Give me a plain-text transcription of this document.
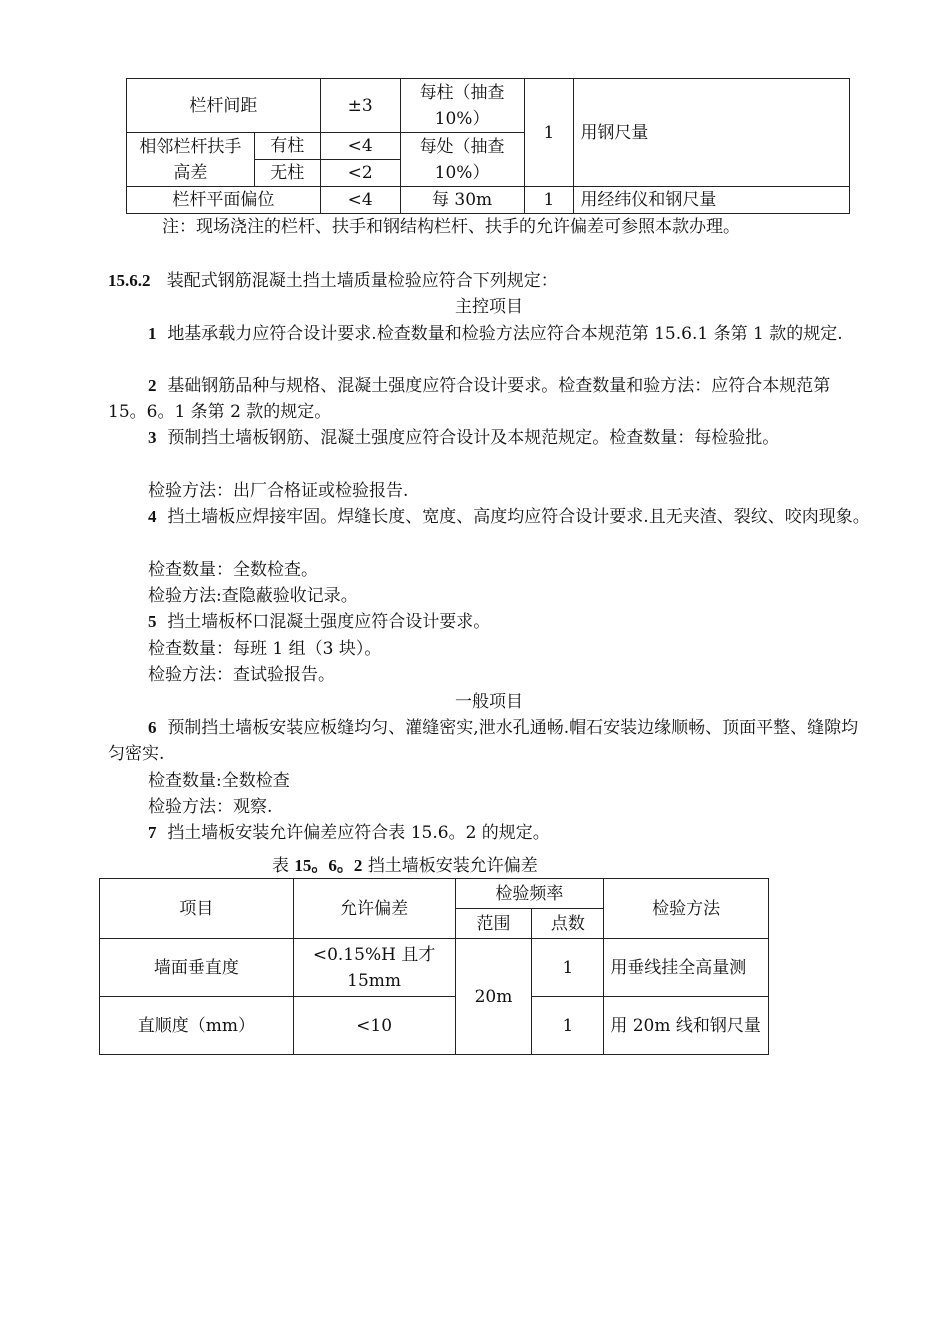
栏杆间距		±3	每柱（抽查10%）	1	用钢尺量
相邻栏杆扶手高差	有柱	<4	每处（抽查10%）		
	无柱	<2			
栏杆平面偏位		<4	每 30m	1	用经纬仪和钢尺量
注：现场浇注的栏杆、扶手和钢结构栏杆、扶手的允许偏差可参照本款办理。
15.6.2 装配式钢筋混凝土挡土墙质量检验应符合下列规定：
主控项目
1 地基承载力应符合设计要求.检查数量和检验方法应符合本规范第 15.6.1 条第 1 款的规定.
2 基础钢筋品种与规格、混凝土强度应符合设计要求。检查数量和验方法：应符合本规范第 15。6。1 条第 2 款的规定。
3 预制挡土墙板钢筋、混凝土强度应符合设计及本规范规定。检查数量：每检验批。
检验方法：出厂合格证或检验报告.
4 挡土墙板应焊接牢固。焊缝长度、宽度、高度均应符合设计要求.且无夹渣、裂纹、咬肉现象。
检查数量：全数检查。
检验方法:查隐蔽验收记录。
5 挡土墙板杯口混凝土强度应符合设计要求。
检查数量：每班 1 组（3 块）。
检验方法：查试验报告。
一般项目
6 预制挡土墙板安装应板缝均匀、灌缝密实,泄水孔通畅.帽石安装边缘顺畅、顶面平整、缝隙均匀密实.
检查数量:全数检查
检验方法：观察.
7 挡土墙板安装允许偏差应符合表 15.6。2 的规定。
表 15。6。2 挡土墙板安装允许偏差
项目	允许偏差	检验频率		检验方法
		范围	点数	
墙面垂直度	<0.15%H 且才 15mm	20m	1	用垂线挂全高量测
直顺度（mm）	<10		1	用 20m 线和钢尺量
